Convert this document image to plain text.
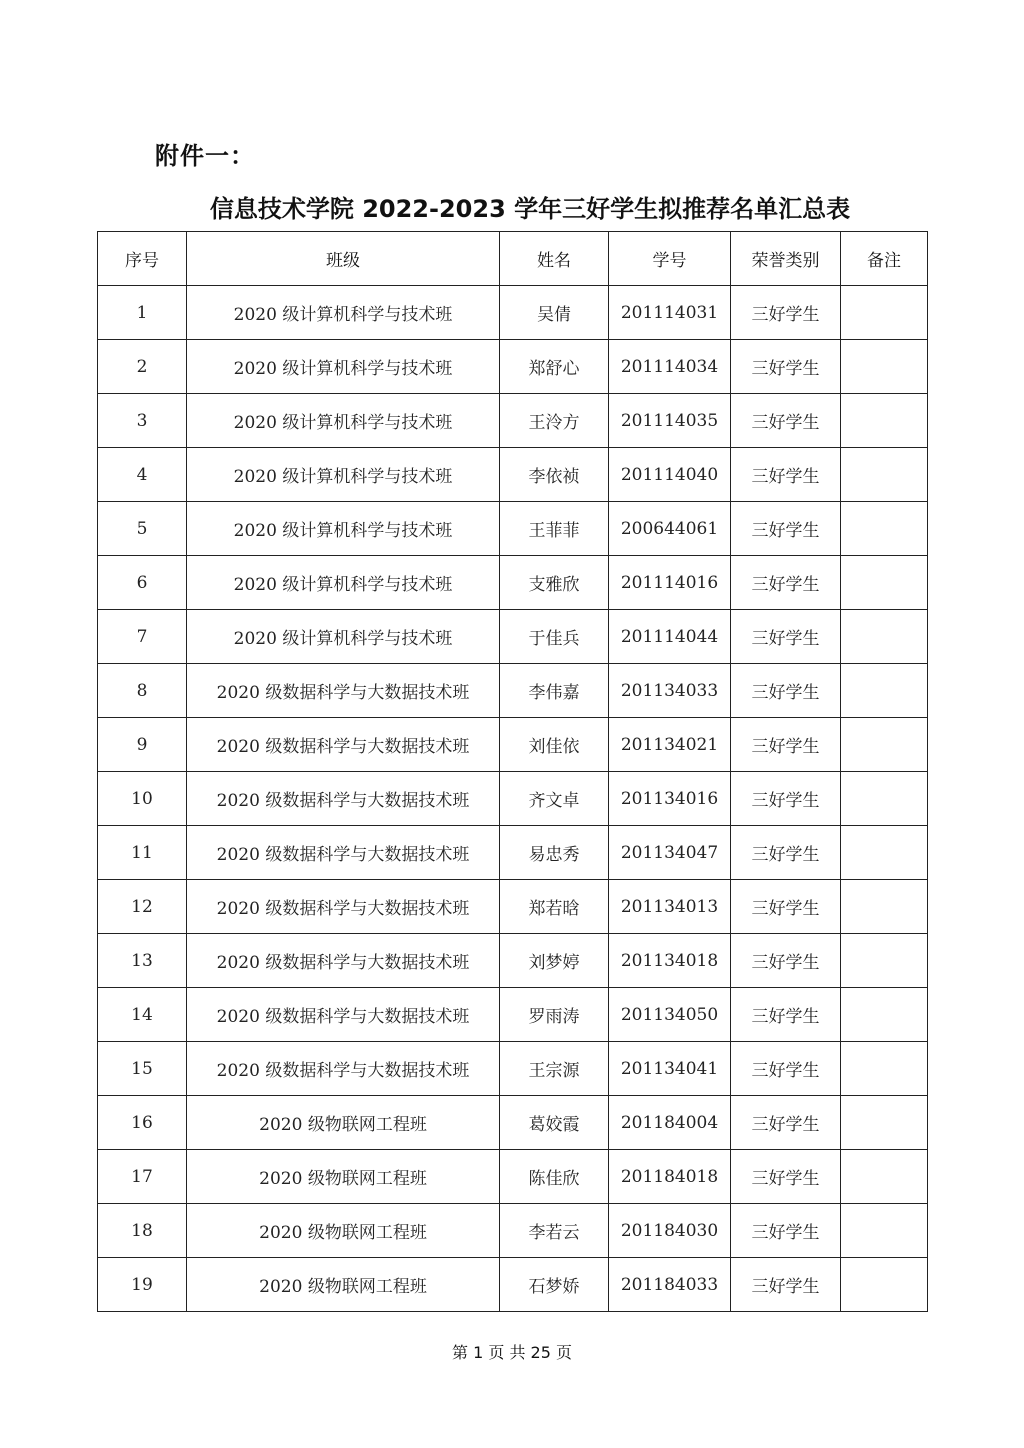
附件一：
信息技术学院 2022-2023 学年三好学生拟推荐名单汇总表
序号	班级	姓名	学号	荣誉类别	备注
1	2020 级计算机科学与技术班	吴倩	201114031	三好学生	
2	2020 级计算机科学与技术班	郑舒心	201114034	三好学生	
3	2020 级计算机科学与技术班	王泠方	201114035	三好学生	
4	2020 级计算机科学与技术班	李依祯	201114040	三好学生	
5	2020 级计算机科学与技术班	王菲菲	200644061	三好学生	
6	2020 级计算机科学与技术班	支雅欣	201114016	三好学生	
7	2020 级计算机科学与技术班	于佳兵	201114044	三好学生	
8	2020 级数据科学与大数据技术班	李伟嘉	201134033	三好学生	
9	2020 级数据科学与大数据技术班	刘佳依	201134021	三好学生	
10	2020 级数据科学与大数据技术班	齐文卓	201134016	三好学生	
11	2020 级数据科学与大数据技术班	易忠秀	201134047	三好学生	
12	2020 级数据科学与大数据技术班	郑若晗	201134013	三好学生	
13	2020 级数据科学与大数据技术班	刘梦婷	201134018	三好学生	
14	2020 级数据科学与大数据技术班	罗雨涛	201134050	三好学生	
15	2020 级数据科学与大数据技术班	王宗源	201134041	三好学生	
16	2020 级物联网工程班	葛姣霞	201184004	三好学生	
17	2020 级物联网工程班	陈佳欣	201184018	三好学生	
18	2020 级物联网工程班	李若云	201184030	三好学生	
19	2020 级物联网工程班	石梦娇	201184033	三好学生	
第 1 页 共 25 页
